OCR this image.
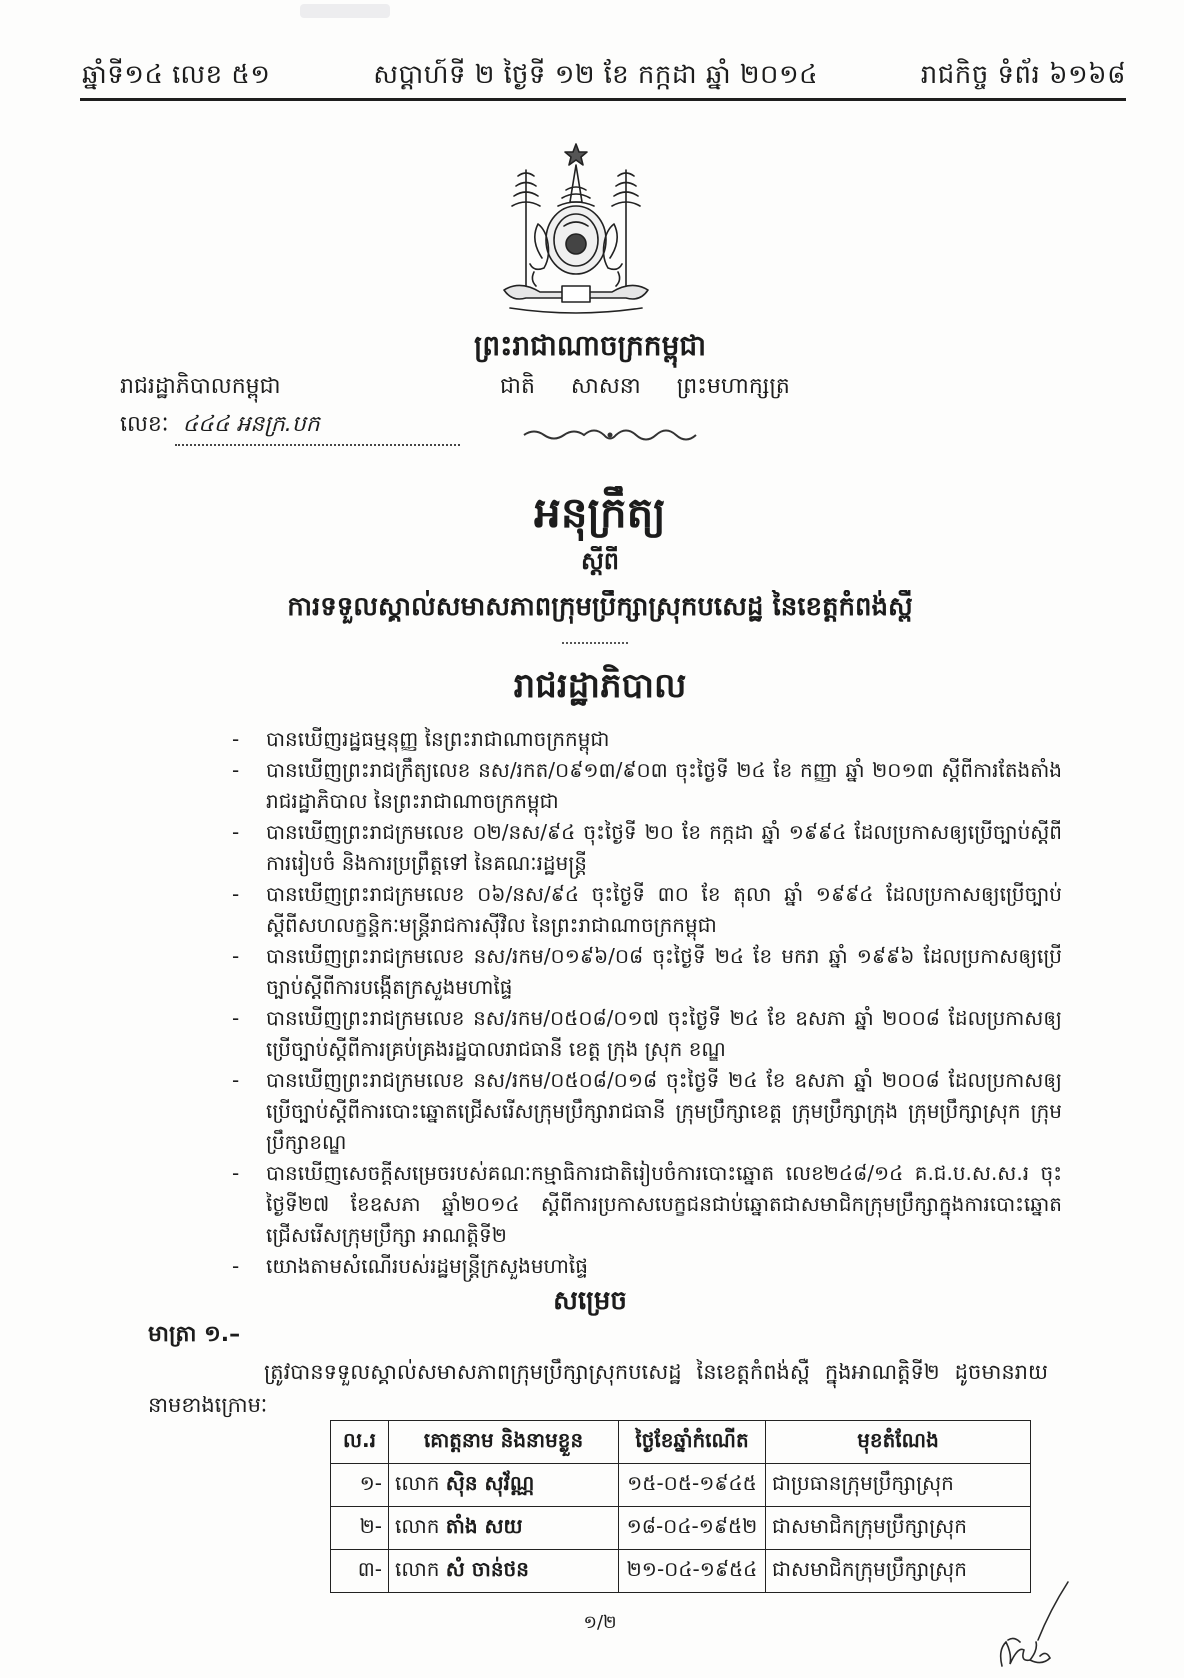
ឆ្នាំទី១៤ លេខ ៥១	សប្តាហ៍ទី ២ ថ្ងៃទី ១២ ខែ កក្កដា ឆ្នាំ ២០១៤	រាជកិច្ច ទំព័រ ៦១៦៨
ព្រះរាជាណាចក្រកម្ពុជា
រាជរដ្ឋាភិបាលកម្ពុជា	ជាតិ សាសនា ព្រះមហាក្សត្រ
លេខៈ ៤៤៤ អនក្រ.បក
អនុក្រឹត្យ
ស្តីពី
ការទទួលស្គាល់សមាសភាពក្រុមប្រឹក្សាស្រុកបសេដ្ឋ នៃខេត្តកំពង់ស្ពឺ
រាជរដ្ឋាភិបាល
-	បានឃើញរដ្ឋធម្មនុញ្ញ នៃព្រះរាជាណាចក្រកម្ពុជា
-	បានឃើញព្រះរាជក្រឹត្យលេខ នស/រកត/០៩១៣/៩០៣ ចុះថ្ងៃទី ២៤ ខែ កញ្ញា ឆ្នាំ ២០១៣ ស្តីពីការតែងតាំងរាជរដ្ឋាភិបាល នៃព្រះរាជាណាចក្រកម្ពុជា
-	បានឃើញព្រះរាជក្រមលេខ ០២/នស/៩៤ ចុះថ្ងៃទី ២០ ខែ កក្កដា ឆ្នាំ ១៩៩៤ ដែលប្រកាសឲ្យប្រើច្បាប់ស្តីពីការរៀបចំ និងការប្រព្រឹត្តទៅ នៃគណៈរដ្ឋមន្ត្រី
-	បានឃើញព្រះរាជក្រមលេខ ០៦/នស/៩៤ ចុះថ្ងៃទី ៣០ ខែ តុលា ឆ្នាំ ១៩៩៤ ដែលប្រកាសឲ្យប្រើច្បាប់ស្តីពីសហលក្ខន្តិកៈមន្ត្រីរាជការស៊ីវិល នៃព្រះរាជាណាចក្រកម្ពុជា
-	បានឃើញព្រះរាជក្រមលេខ នស/រកម/០១៩៦/០៨ ចុះថ្ងៃទី ២៤ ខែ មករា ឆ្នាំ ១៩៩៦ ដែលប្រកាសឲ្យប្រើច្បាប់ស្តីពីការបង្កើតក្រសួងមហាផ្ទៃ
-	បានឃើញព្រះរាជក្រមលេខ នស/រកម/០៥០៨/០១៧ ចុះថ្ងៃទី ២៤ ខែ ឧសភា ឆ្នាំ ២០០៨ ដែលប្រកាសឲ្យប្រើច្បាប់ស្តីពីការគ្រប់គ្រងរដ្ឋបាលរាជធានី ខេត្ត ក្រុង ស្រុក ខណ្ឌ
-	បានឃើញព្រះរាជក្រមលេខ នស/រកម/០៥០៨/០១៨ ចុះថ្ងៃទី ២៤ ខែ ឧសភា ឆ្នាំ ២០០៨ ដែលប្រកាសឲ្យប្រើច្បាប់ស្តីពីការបោះឆ្នោតជ្រើសរើសក្រុមប្រឹក្សារាជធានី ក្រុមប្រឹក្សាខេត្ត ក្រុមប្រឹក្សាក្រុង ក្រុមប្រឹក្សាស្រុក ក្រុមប្រឹក្សាខណ្ឌ
-	បានឃើញសេចក្តីសម្រេចរបស់គណៈកម្មាធិការជាតិរៀបចំការបោះឆ្នោត លេខ២៤៨/១៤ គ.ជ.ប.ស.ស.រ ចុះថ្ងៃទី២៧ ខែឧសភា ឆ្នាំ២០១៤ ស្តីពីការប្រកាសបេក្ខជនជាប់ឆ្នោតជាសមាជិកក្រុមប្រឹក្សាក្នុងការបោះឆ្នោតជ្រើសរើសក្រុមប្រឹក្សា អាណត្តិទី២
-	យោងតាមសំណើរបស់រដ្ឋមន្ត្រីក្រសួងមហាផ្ទៃ
សម្រេច
មាត្រា ១.–
ត្រូវបានទទួលស្គាល់សមាសភាពក្រុមប្រឹក្សាស្រុកបសេដ្ឋ នៃខេត្តកំពង់ស្ពឺ ក្នុងអាណត្តិទី២ ដូចមានរាយនាមខាងក្រោមៈ
ល.រ	គោត្តនាម និងនាមខ្លួន	ថ្ងៃខែឆ្នាំកំណើត	មុខតំណែង
១-	លោក ស៊ិន សុវ័ណ្ណ	១៥-០៥-១៩៤៥	ជាប្រធានក្រុមប្រឹក្សាស្រុក
២-	លោក តាំង សយ	១៨-០៤-១៩៥២	ជាសមាជិកក្រុមប្រឹក្សាស្រុក
៣-	លោក សំ ចាន់ថន	២១-០៤-១៩៥៤	ជាសមាជិកក្រុមប្រឹក្សាស្រុក
១/២
